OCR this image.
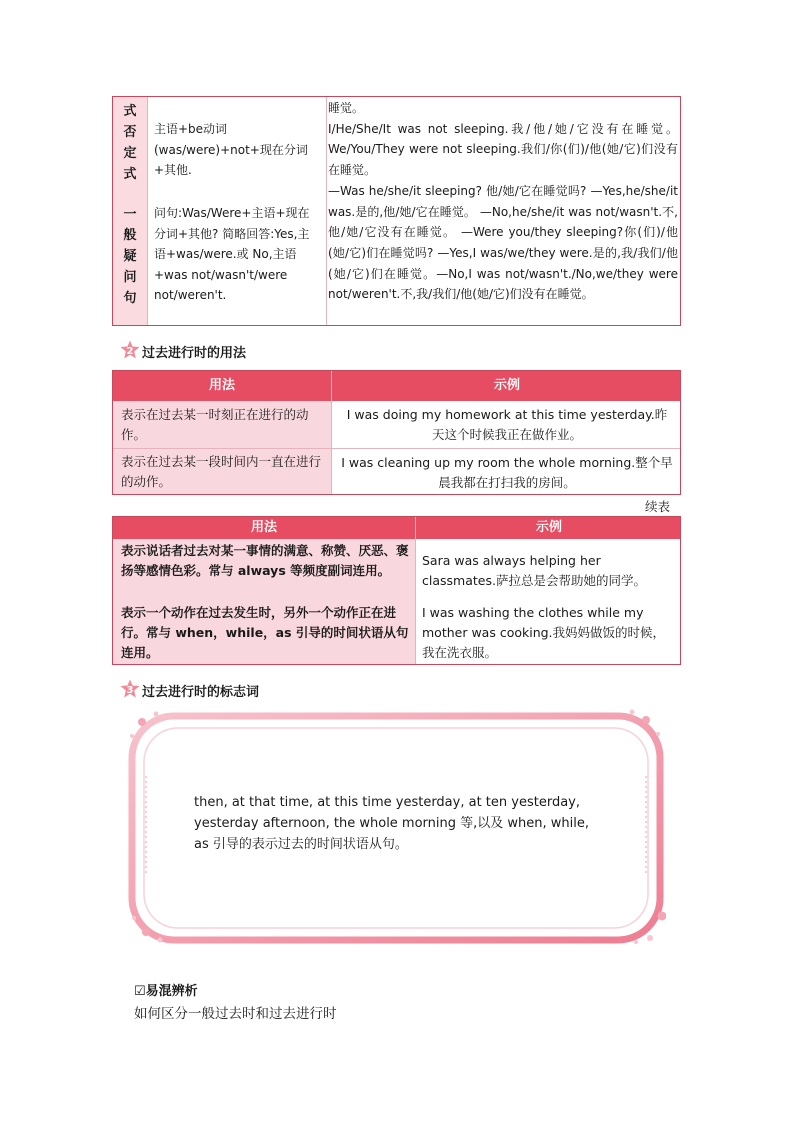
式
否
定
式
一
般
疑
问
句
主语+be动词(was/were)+not+现在分词+其他.
问句:Was/Were+主语+现在分词+其他? 简略回答:Yes,主语+was/were.或 No,主语+was not/wasn't/were not/weren't.
睡觉。
I/He/She/It was not sleeping.我/他/她/它没有在睡觉。We/You/They were not sleeping.我们/你(们)/他(她/它)们没有在睡觉。
—Was he/she/it sleeping? 他/她/它在睡觉吗? —Yes,he/she/it was.是的,他/她/它在睡觉。 —No,he/she/it was not/wasn't.不,他/她/它没有在睡觉。 —Were you/they sleeping?你(们)/他(她/它)们在睡觉吗? —Yes,I was/we/they were.是的,我/我们/他(她/它)们在睡觉。—No,I was not/wasn't./No,we/they were not/weren't.不,我/我们/他(她/它)们没有在睡觉。
2 过去进行时的用法
用法	示例
表示在过去某一时刻正在进行的动作。
I was doing my homework at this time yesterday.昨天这个时候我正在做作业。
表示在过去某一段时间内一直在进行的动作。
I was cleaning up my room the whole morning.整个早晨我都在打扫我的房间。
续表
用法	示例
表示说话者过去对某一事情的满意、称赞、厌恶、褒扬等感情色彩。常与 always 等频度副词连用。
Sara was always helping her classmates.萨拉总是会帮助她的同学。
表示一个动作在过去发生时，另外一个动作正在进行。常与 when，while，as 引导的时间状语从句连用。
I was washing the clothes while my mother was cooking.我妈妈做饭的时候，我在洗衣服。
3 过去进行时的标志词
then, at that time, at this time yesterday, at ten yesterday, yesterday afternoon, the whole morning 等,以及 when, while, as 引导的表示过去的时间状语从句。
☑易混辨析
如何区分一般过去时和过去进行时
